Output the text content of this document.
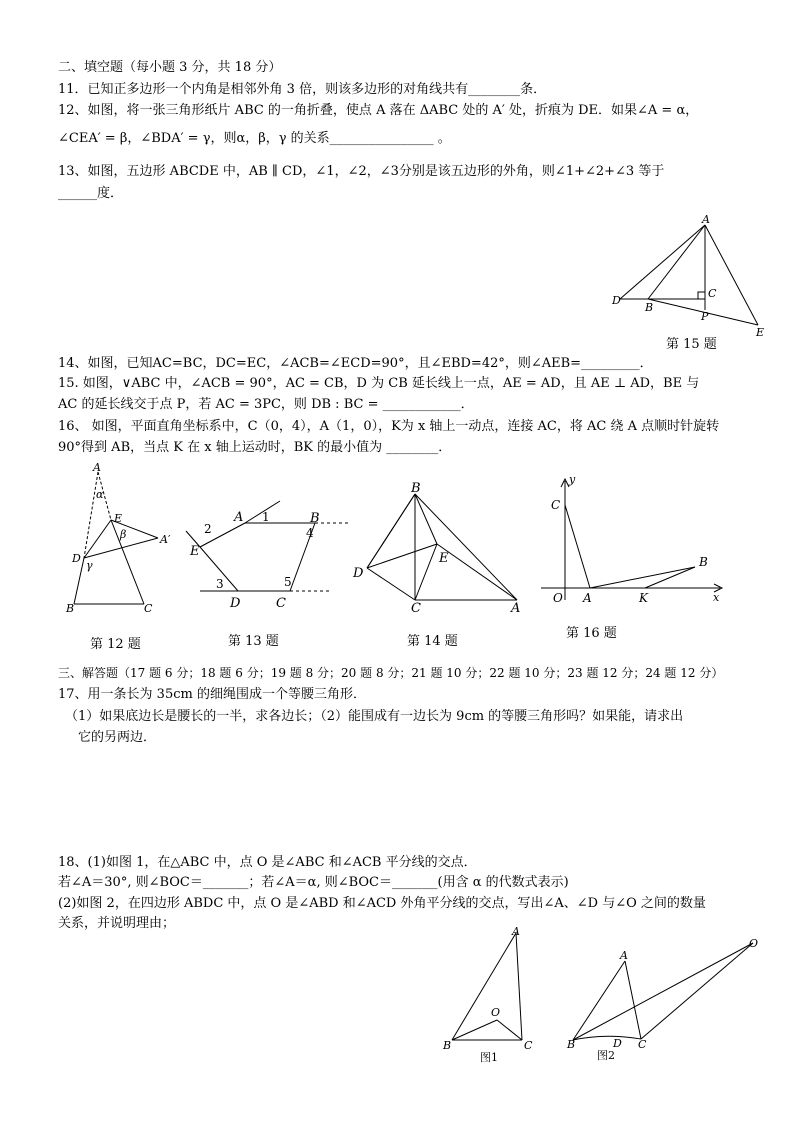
二、填空题（每小题 3 分，共 18 分）
11．已知正多边形一个内角是相邻外角 3 倍，则该多边形的对角线共有________条．
12、如图，将一张三角形纸片 ABC 的一角折叠，使点 A 落在 ΔABC 处的 A′ 处，折痕为 DE．如果∠A = α，
∠CEA′ = β，∠BDA′ = γ，则α，β，γ 的关系________________ 。
13、如图，五边形 ABCDE 中，AB ∥ CD，∠1，∠2，∠3分别是该五边形的外角，则∠1+∠2+∠3 等于
______度．
A
D
B
C
P
E
第 15 题
14、如图，已知AC=BC，DC=EC，∠ACB=∠ECD=90°，且∠EBD=42°，则∠AEB=_________．
15. 如图，∨ABC 中，∠ACB = 90°，AC = CB，D 为 CB 延长线上一点，AE = AD，且 AE ⊥ AD，BE 与
AC 的延长线交于点 P，若 AC = 3PC，则 DB : BC = ____________．
16、 如图，平面直角坐标系中，C（0，4），A（1，0），K为 x 轴上一动点，连接 AC，将 AC 绕 A 点顺时针旋转
90°得到 AB，当点 K 在 x 轴上运动时，BK 的最小值为 ________．
A
α
E
β	A′
D
γ
B	C
A 1	B
2	4
E
3	5
D	C
B
E
D
C	A
y
C
B
O A	K	x
第 12 题	第 13 题	第 14 题
第 16 题
三、解答题（17 题 6 分；18 题 6 分；19 题 8 分；20 题 8 分；21 题 10 分；22 题 10 分；23 题 12 分；24 题 12 分）
17、用一条长为 35cm 的细绳围成一个等腰三角形．
（1）如果底边长是腰长的一半，求各边长；（2）能围成有一边长为 9cm 的等腰三角形吗？如果能，请求出
它的另两边．
18、(1)如图 1，在△ABC 中，点 O 是∠ABC 和∠ACB 平分线的交点．
若∠A＝30°, 则∠BOC＝_______；若∠A＝α, 则∠BOC＝_______(用含 α 的代数式表示)
(2)如图 2，在四边形 ABDC 中，点 O 是∠ABD 和∠ACD 外角平分线的交点，写出∠A、∠D 与∠O 之间的数量
关系，并说明理由；
A
O
B	C
图1
A
O
B	D C
图2
